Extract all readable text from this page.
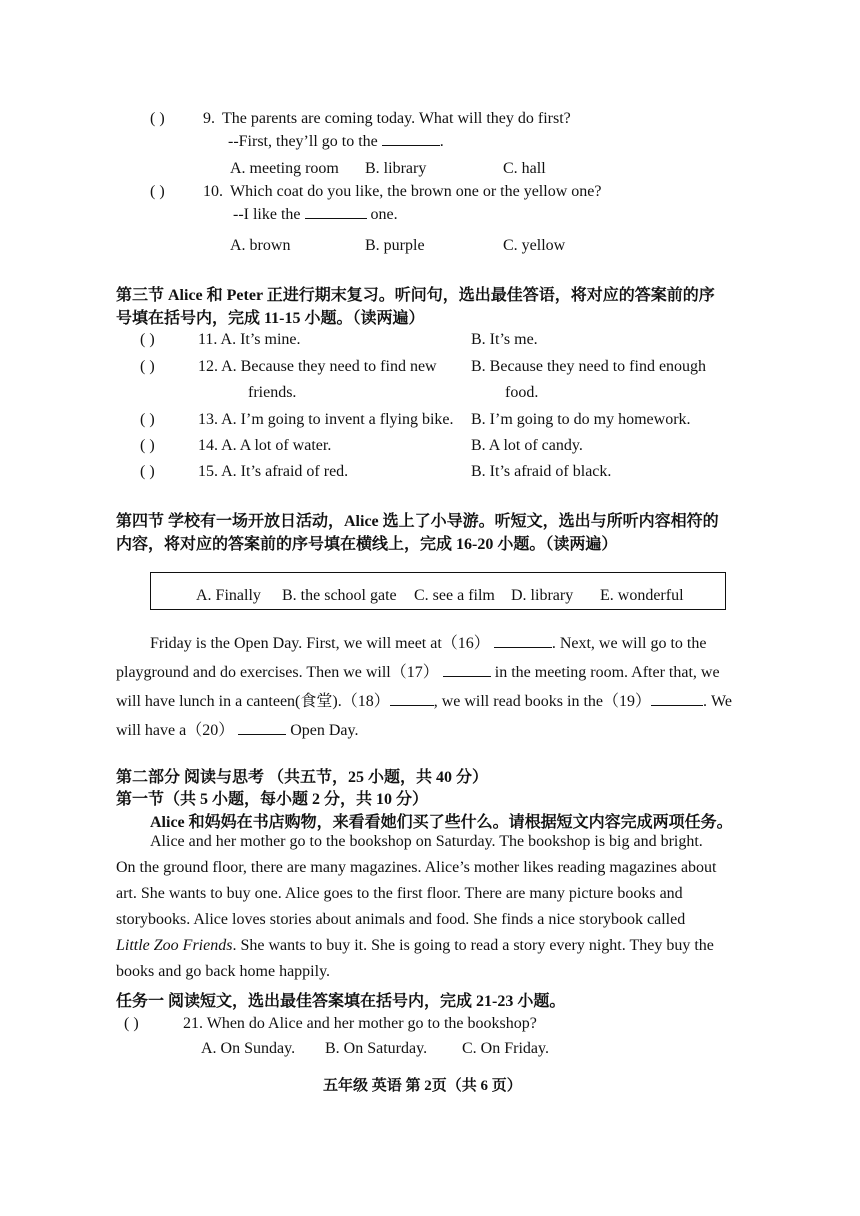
( ) 9. The parents are coming today. What will they do first?
--First, they’ll go to the	.
A. meeting room B. library	C. hall
( ) 10. Which coat do you like, the brown one or the yellow one?
--I like the	one.
A. brown	B. purple	C. yellow
第三节 Alice 和 Peter 正进行期末复习。听问句，选出最佳答语，将对应的答案前的序
号填在括号内，完成 11-15 小题。（读两遍）
( )	11. A. It’s mine.	B. It’s me.
( )	12. A. Because they need to find new
friends.
B. Because they need to find enough
food.
( )	13. A. I’m going to invent a flying bike. B. I’m going to do my homework.
( )	14. A. A lot of water.	B. A lot of candy.
( )	15. A. It’s afraid of red.	B. It’s afraid of black.
第四节 学校有一场开放日活动，Alice 选上了小导游。听短文，选出与所听内容相符的
内容，将对应的答案前的序号填在横线上，完成 16-20 小题。（读两遍）
A. Finally B. the school gate C. see a film D. library E. wonderful
Friday is the Open Day. First, we will meet at（16）	. Next, we will go to the
playground and do exercises. Then we will（17）	in the meeting room. After that, we
will have lunch in a canteen(食堂).（18）	, we will read books in the（19）	. We
will have a（20）	Open Day.
第二部分 阅读与思考 （共五节，25 小题，共 40 分）
第一节（共 5 小题，每小题 2 分，共 10 分）
Alice 和妈妈在书店购物，来看看她们买了些什么。请根据短文内容完成两项任务。
Alice and her mother go to the bookshop on Saturday. The bookshop is big and bright.
On the ground floor, there are many magazines. Alice’s mother likes reading magazines about
art. She wants to buy one. Alice goes to the first floor. There are many picture books and
storybooks. Alice loves stories about animals and food. She finds a nice storybook called
Little Zoo Friends. She wants to buy it. She is going to read a story every night. They buy the
books and go back home happily.
任务一 阅读短文，选出最佳答案填在括号内，完成 21-23 小题。
( )	21. When do Alice and her mother go to the bookshop?
A. On Sunday. B. On Saturday. C. On Friday.
五年级 英语 第 2页（共 6 页）
